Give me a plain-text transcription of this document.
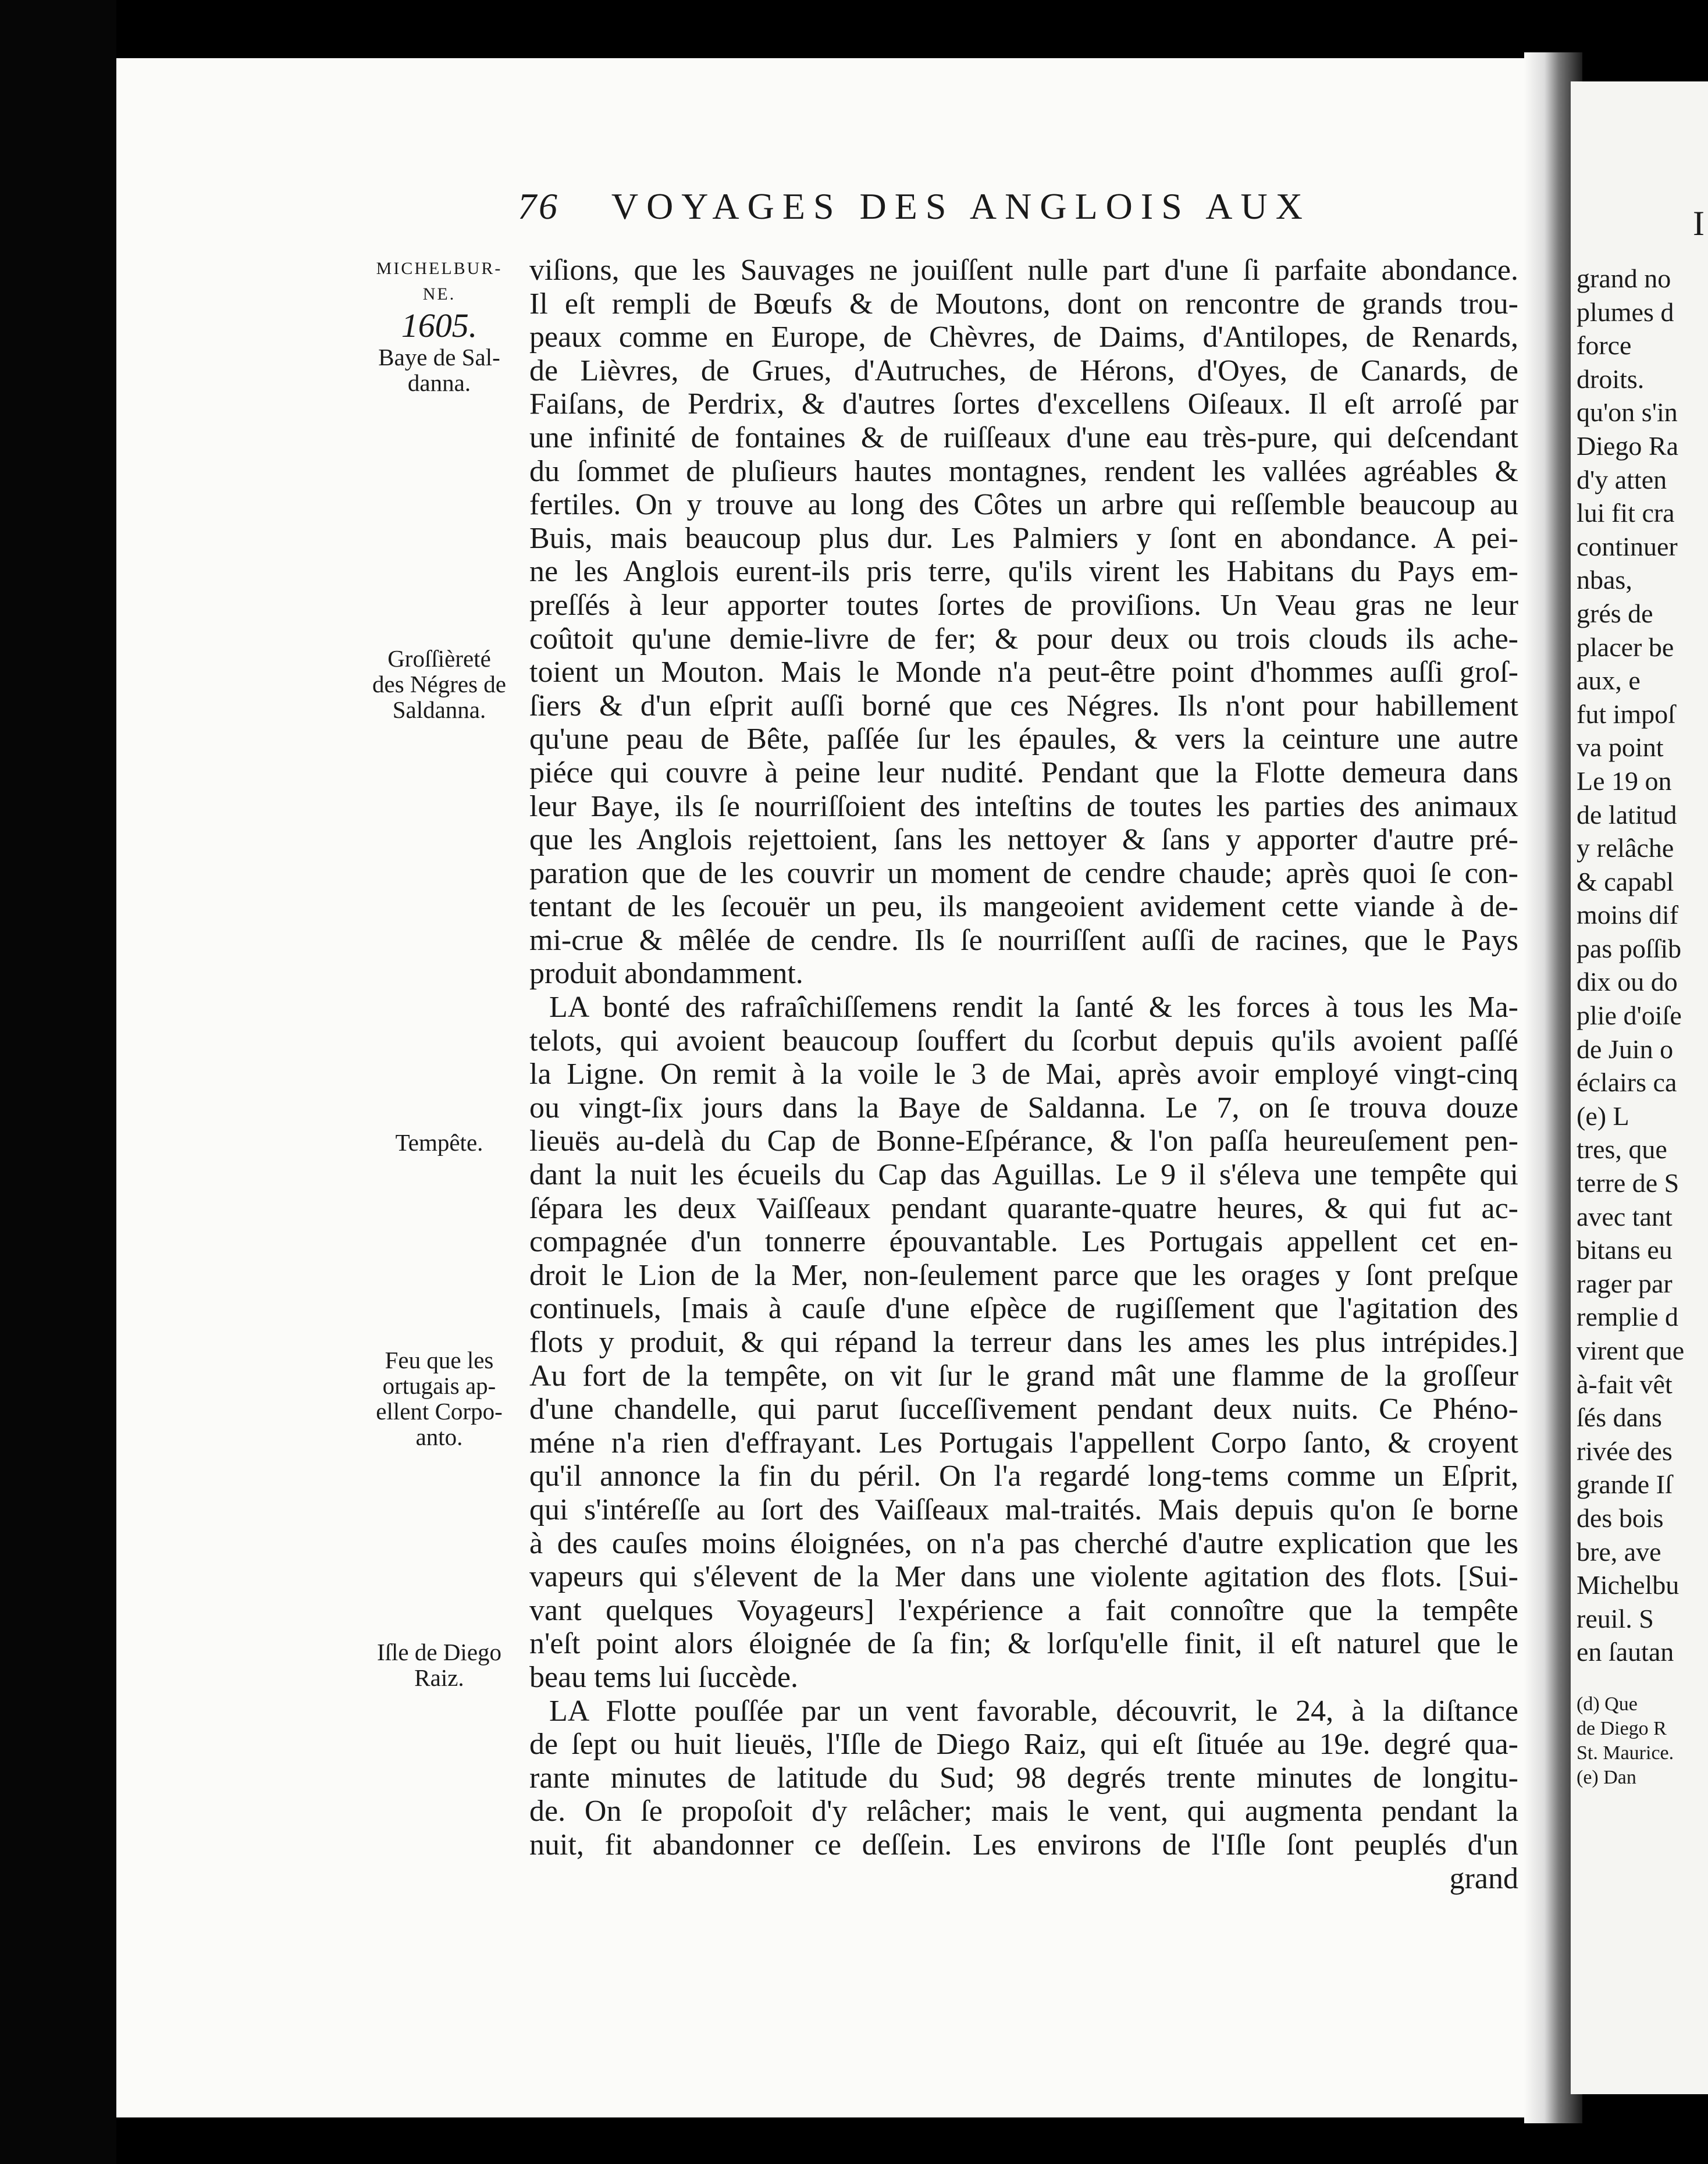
I
grand no
plumes d
force
droits.
qu'on s'in
Diego Ra
d'y atten
lui fit cra
continuer
nbas,
grés de
placer be
aux, e
fut impoſ
va point
Le 19 on
de latitud
y relâche
& capabl
moins dif
pas poſſib
dix ou do
plie d'oiſe
de Juin o
éclairs ca
(e) L
tres, que
terre de S
avec tant
bitans eu
rager par
remplie d
virent que
à-fait vêt
ſés dans
rivée des
grande Iſ
des bois
bre, ave
Michelbu
reuil. S
en ſautan
(d) Que
de Diego R
St. Maurice.
(e) Dan
76 VOYAGES DES ANGLOIS AUX
MICHELBUR-
NE.
1605.
Baye de Sal-
danna.
Groſſièreté
des Négres de
Saldanna.
Tempête.
Feu que les
ortugais ap-
ellent Corpo-
anto.
Iſle de Diego
Raiz.
viſions, que les Sauvages ne jouiſſent nulle part d'une ſi parfaite abondance.
Il eſt rempli de Bœufs & de Moutons, dont on rencontre de grands trou-
peaux comme en Europe, de Chèvres, de Daims, d'Antilopes, de Renards,
de Lièvres, de Grues, d'Autruches, de Hérons, d'Oyes, de Canards, de
Faiſans, de Perdrix, & d'autres ſortes d'excellens Oiſeaux. Il eſt arroſé par
une infinité de fontaines & de ruiſſeaux d'une eau très-pure, qui deſcendant
du ſommet de pluſieurs hautes montagnes, rendent les vallées agréables &
fertiles. On y trouve au long des Côtes un arbre qui reſſemble beaucoup au
Buis, mais beaucoup plus dur. Les Palmiers y ſont en abondance. A pei-
ne les Anglois eurent-ils pris terre, qu'ils virent les Habitans du Pays em-
preſſés à leur apporter toutes ſortes de proviſions. Un Veau gras ne leur
coûtoit qu'une demie-livre de fer; & pour deux ou trois clouds ils ache-
toient un Mouton. Mais le Monde n'a peut-être point d'hommes auſſi groſ-
ſiers & d'un eſprit auſſi borné que ces Négres. Ils n'ont pour habillement
qu'une peau de Bête, paſſée ſur les épaules, & vers la ceinture une autre
piéce qui couvre à peine leur nudité. Pendant que la Flotte demeura dans
leur Baye, ils ſe nourriſſoient des inteſtins de toutes les parties des animaux
que les Anglois rejettoient, ſans les nettoyer & ſans y apporter d'autre pré-
paration que de les couvrir un moment de cendre chaude; après quoi ſe con-
tentant de les ſecouër un peu, ils mangeoient avidement cette viande à de-
mi-crue & mêlée de cendre. Ils ſe nourriſſent auſſi de racines, que le Pays
produit abondamment.
LA bonté des rafraîchiſſemens rendit la ſanté & les forces à tous les Ma-
telots, qui avoient beaucoup ſouffert du ſcorbut depuis qu'ils avoient paſſé
la Ligne. On remit à la voile le 3 de Mai, après avoir employé vingt-cinq
ou vingt-ſix jours dans la Baye de Saldanna. Le 7, on ſe trouva douze
lieuës au-delà du Cap de Bonne-Eſpérance, & l'on paſſa heureuſement pen-
dant la nuit les écueils du Cap das Aguillas. Le 9 il s'éleva une tempête qui
ſépara les deux Vaiſſeaux pendant quarante-quatre heures, & qui fut ac-
compagnée d'un tonnerre épouvantable. Les Portugais appellent cet en-
droit le Lion de la Mer, non-ſeulement parce que les orages y ſont preſque
continuels, [mais à cauſe d'une eſpèce de rugiſſement que l'agitation des
flots y produit, & qui répand la terreur dans les ames les plus intrépides.]
Au fort de la tempête, on vit ſur le grand mât une flamme de la groſſeur
d'une chandelle, qui parut ſucceſſivement pendant deux nuits. Ce Phéno-
méne n'a rien d'effrayant. Les Portugais l'appellent Corpo ſanto, & croyent
qu'il annonce la fin du péril. On l'a regardé long-tems comme un Eſprit,
qui s'intéreſſe au ſort des Vaiſſeaux mal-traités. Mais depuis qu'on ſe borne
à des cauſes moins éloignées, on n'a pas cherché d'autre explication que les
vapeurs qui s'élevent de la Mer dans une violente agitation des flots. [Sui-
vant quelques Voyageurs] l'expérience a fait connoître que la tempête
n'eſt point alors éloignée de ſa fin; & lorſqu'elle finit, il eſt naturel que le
beau tems lui ſuccède.
LA Flotte pouſſée par un vent favorable, découvrit, le 24, à la diſtance
de ſept ou huit lieuës, l'Iſle de Diego Raiz, qui eſt ſituée au 19e. degré qua-
rante minutes de latitude du Sud; 98 degrés trente minutes de longitu-
de. On ſe propoſoit d'y relâcher; mais le vent, qui augmenta pendant la
nuit, fit abandonner ce deſſein. Les environs de l'Iſle ſont peuplés d'un
grand
